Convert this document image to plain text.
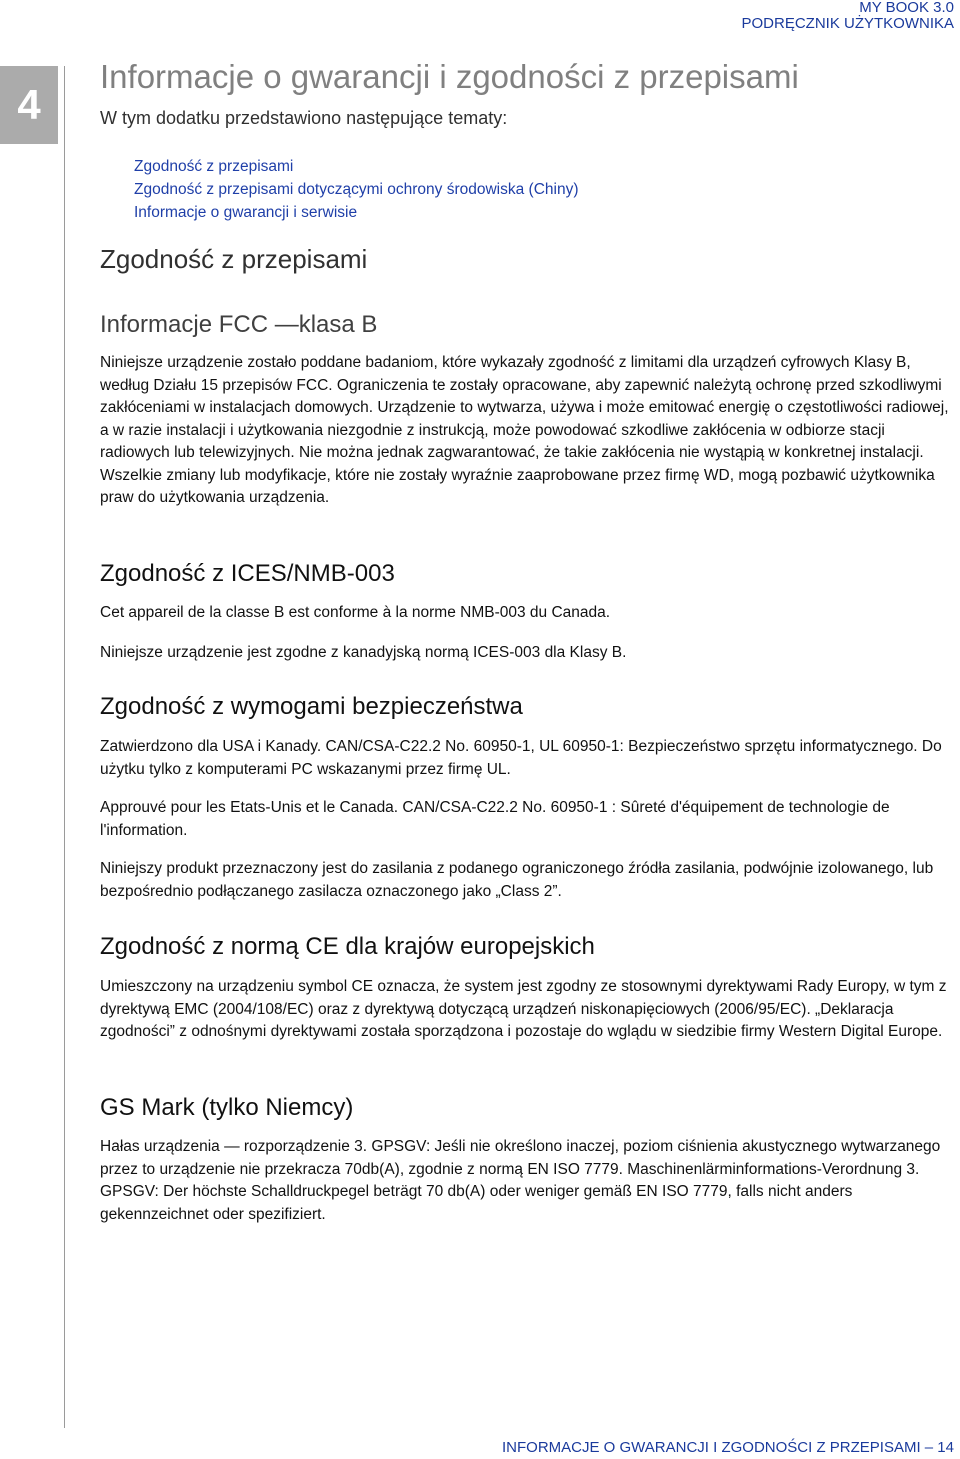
MY BOOK 3.0
PODRĘCZNIK UŻYTKOWNIKA
4
Informacje o gwarancji i zgodności z przepisami

W tym dodatku przedstawiono następujące tematy:

Zgodność z przepisami
Zgodność z przepisami dotyczącymi ochrony środowiska (Chiny)
Informacje o gwarancji i serwisie
Zgodność z przepisami
Informacje FCC —klasa B

Niniejsze urządzenie zostało poddane badaniom, które wykazały zgodność z limitami dla urządzeń cyfrowych Klasy B, według Działu 15 przepisów FCC. Ograniczenia te zostały opracowane, aby zapewnić należytą ochronę przed szkodliwymi zakłóceniami w instalacjach domowych. Urządzenie to wytwarza, używa i może emitować energię o częstotliwości radiowej, a w razie instalacji i użytkowania niezgodnie z instrukcją, może powodować szkodliwe zakłócenia w odbiorze stacji radiowych lub telewizyjnych. Nie można jednak zagwarantować, że takie zakłócenia nie wystąpią w konkretnej instalacji. Wszelkie zmiany lub modyfikacje, które nie zostały wyraźnie zaaprobowane przez firmę WD, mogą pozbawić użytkownika praw do użytkowania urządzenia.

Zgodność z ICES/NMB-003

Cet appareil de la classe B est conforme à la norme NMB-003 du Canada.

Niniejsze urządzenie jest zgodne z kanadyjską normą ICES-003 dla Klasy B.

Zgodność z wymogami bezpieczeństwa

Zatwierdzono dla USA i Kanady. CAN/CSA-C22.2 No. 60950-1, UL 60950-1: Bezpieczeństwo sprzętu informatycznego. Do użytku tylko z komputerami PC wskazanymi przez firmę UL.

Approuvé pour les Etats-Unis et le Canada. CAN/CSA-C22.2 No. 60950-1 : Sûreté d'équipement de technologie de l'information.

Niniejszy produkt przeznaczony jest do zasilania z podanego ograniczonego źródła zasilania, podwójnie izolowanego, lub bezpośrednio podłączanego zasilacza oznaczonego jako „Class 2”.

Zgodność z normą CE dla krajów europejskich

Umieszczony na urządzeniu symbol CE oznacza, że system jest zgodny ze stosownymi dyrektywami Rady Europy, w tym z dyrektywą EMC (2004/108/EC) oraz z dyrektywą dotyczącą urządzeń niskonapięciowych (2006/95/EC). „Deklaracja zgodności” z odnośnymi dyrektywami została sporządzona i pozostaje do wglądu w siedzibie firmy Western Digital Europe.

GS Mark (tylko Niemcy)

Hałas urządzenia — rozporządzenie 3. GPSGV: Jeśli nie określono inaczej, poziom ciśnienia akustycznego wytwarzanego przez to urządzenie nie przekracza 70db(A), zgodnie z normą EN ISO 7779. Maschinenlärminformations-Verordnung 3. GPSGV: Der höchste Schalldruckpegel beträgt 70 db(A) oder weniger gemäß EN ISO 7779, falls nicht anders gekennzeichnet oder spezifiziert.

INFORMACJE O GWARANCJI I ZGODNOŚCI Z PRZEPISAMI – 14
